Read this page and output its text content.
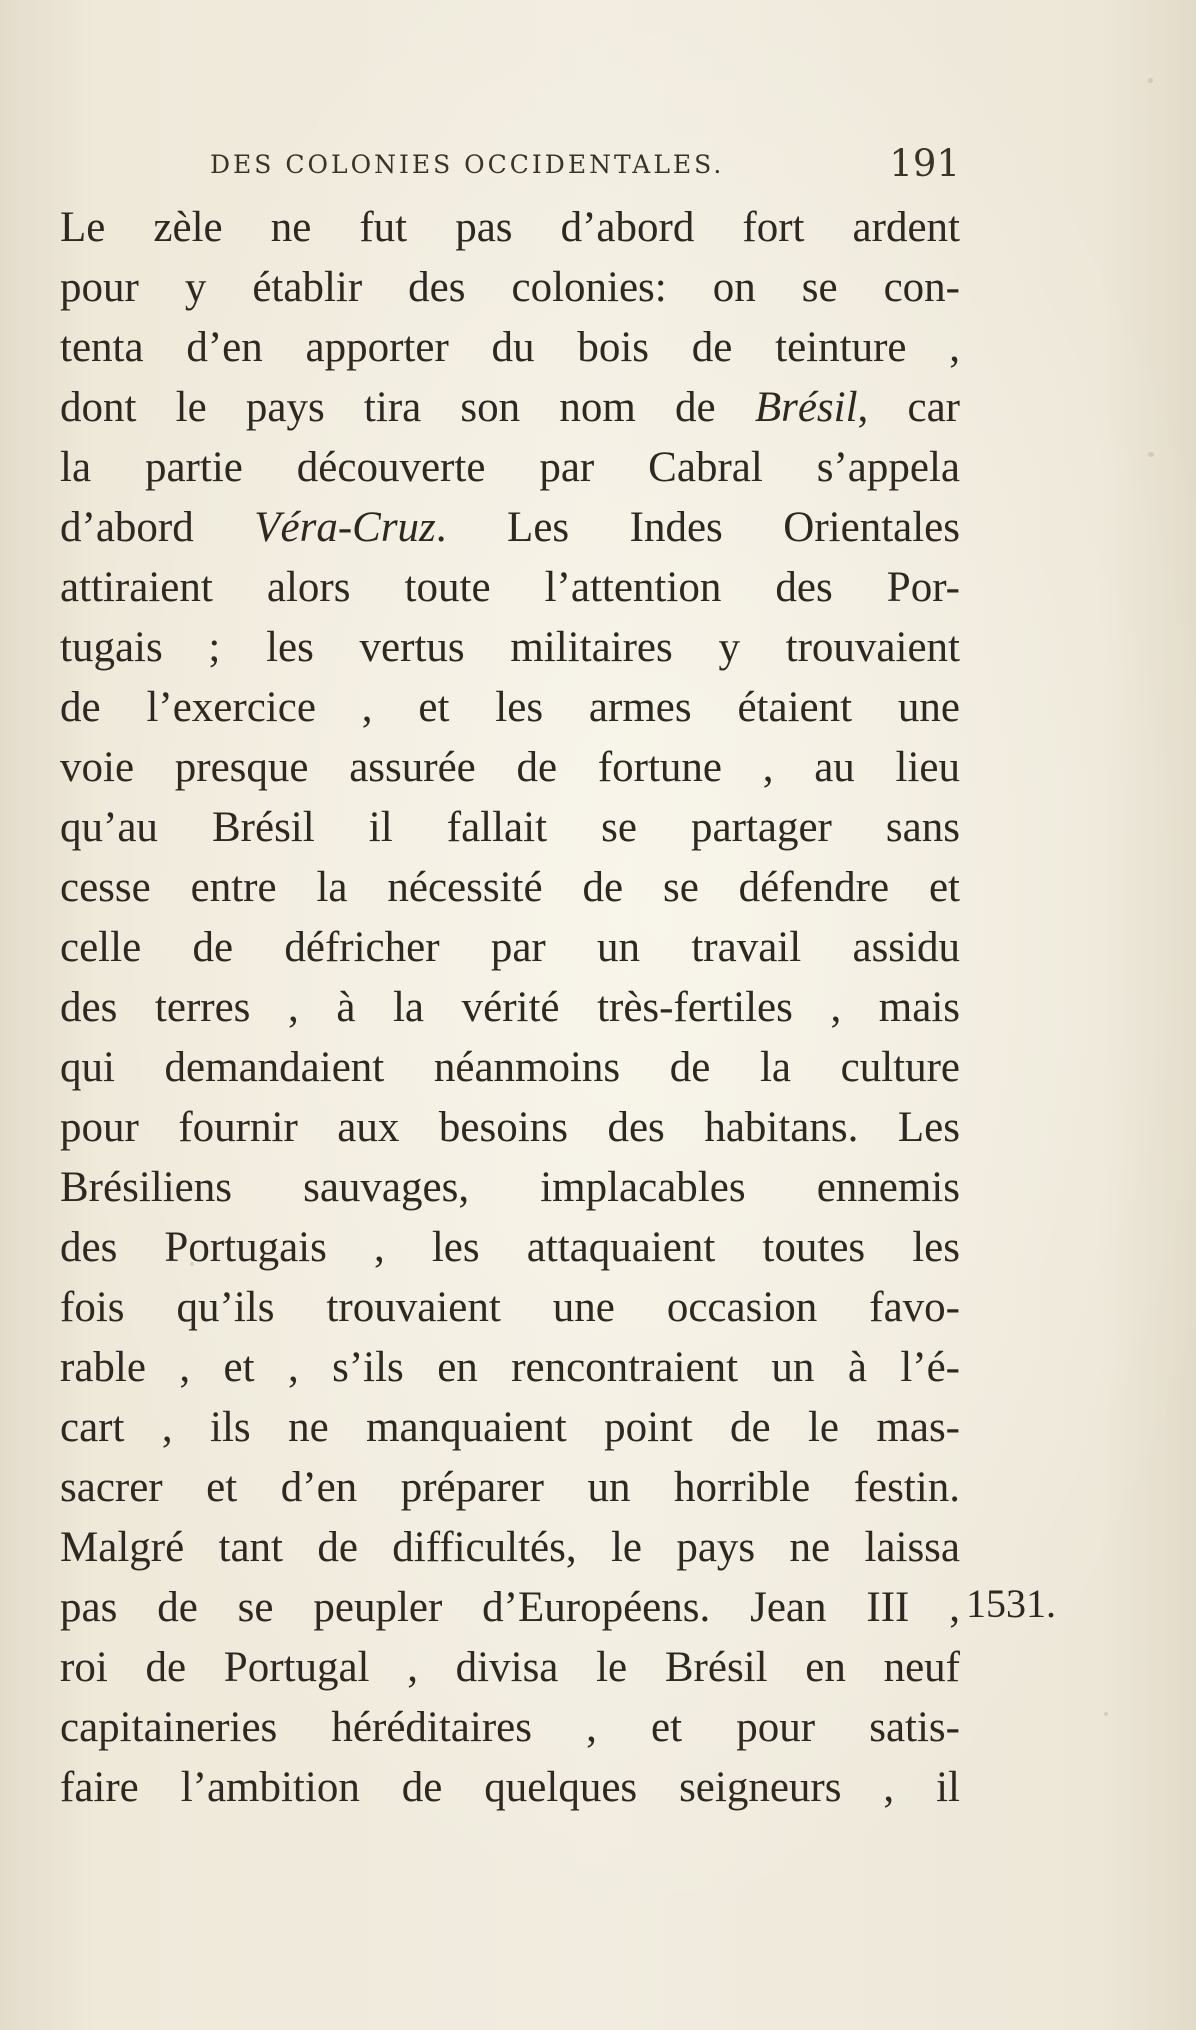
DES COLONIES OCCIDENTALES.	191
Le zèle ne fut pas d’abord fort ardent
pour y établir des colonies: on se con-
tenta d’en apporter du bois de teinture ,
dont le pays tira son nom de Brésil, car
la partie découverte par Cabral s’appela
d’abord Véra-Cruz. Les Indes Orientales
attiraient alors toute l’attention des Por-
tugais ; les vertus militaires y trouvaient
de l’exercice , et les armes étaient une
voie presque assurée de fortune , au lieu
qu’au Brésil il fallait se partager sans
cesse entre la nécessité de se défendre et
celle de défricher par un travail assidu
des terres , à la vérité très-fertiles , mais
qui demandaient néanmoins de la culture
pour fournir aux besoins des habitans. Les
Brésiliens sauvages, implacables ennemis
des Portugais , les attaquaient toutes les
fois qu’ils trouvaient une occasion favo-
rable , et , s’ils en rencontraient un à l’é-
cart , ils ne manquaient point de le mas-
sacrer et d’en préparer un horrible festin.
Malgré tant de difficultés, le pays ne laissa
pas de se peupler d’Européens. Jean III ,
roi de Portugal , divisa le Brésil en neuf
capitaineries héréditaires , et pour satis-
faire l’ambition de quelques seigneurs , il
1531.
